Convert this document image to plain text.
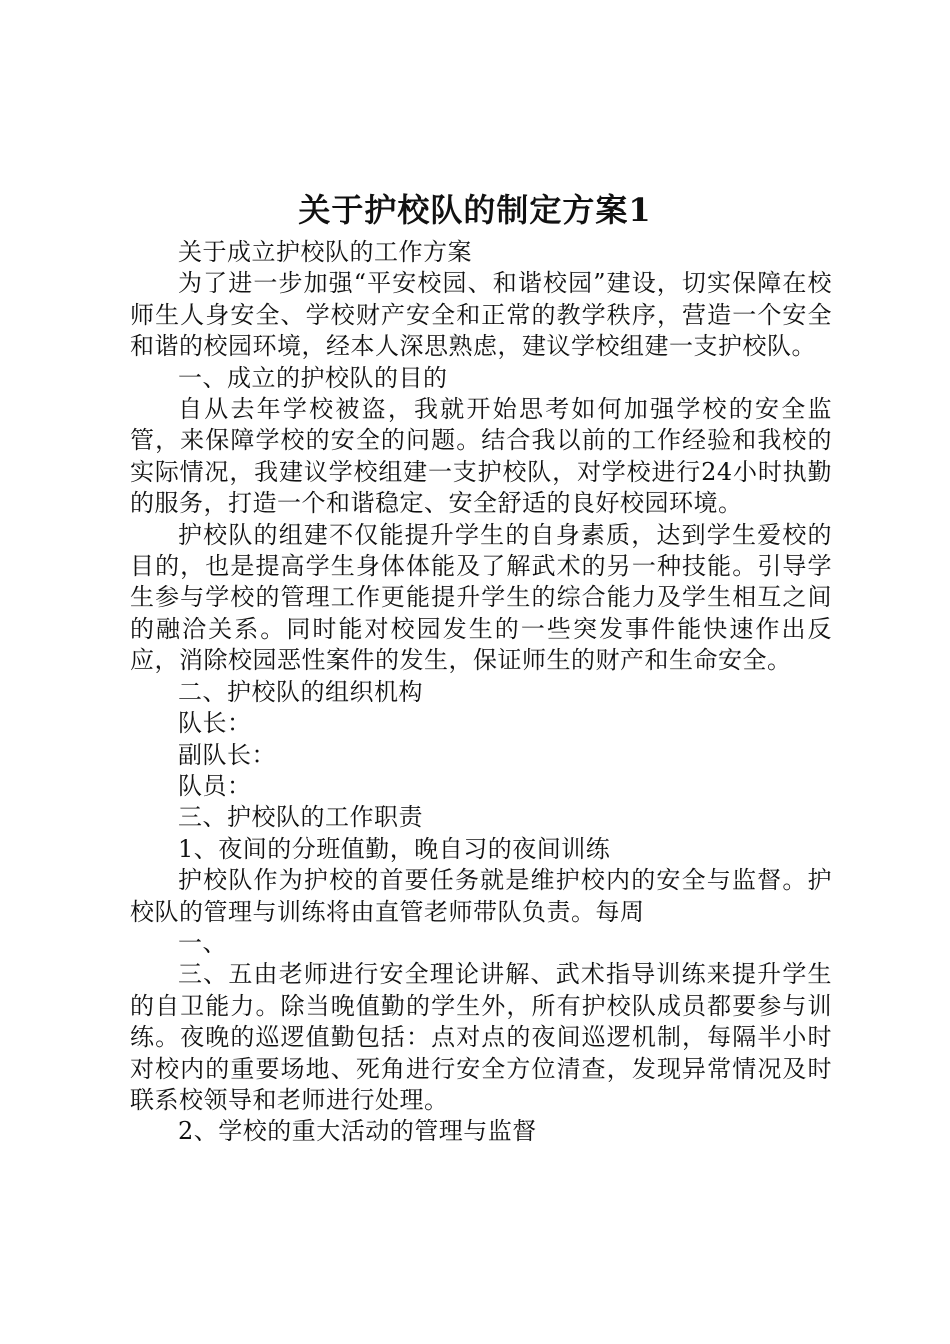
关于护校队的制定方案1

关于成立护校队的工作方案

为了进一步加强“平安校园、和谐校园”建设，切实保障在校师生人身安全、学校财产安全和正常的教学秩序，营造一个安全和谐的校园环境，经本人深思熟虑，建议学校组建一支护校队。

一、成立的护校队的目的

自从去年学校被盗，我就开始思考如何加强学校的安全监管，来保障学校的安全的问题。结合我以前的工作经验和我校的实际情况，我建议学校组建一支护校队，对学校进行24小时执勤的服务，打造一个和谐稳定、安全舒适的良好校园环境。

护校队的组建不仅能提升学生的自身素质，达到学生爱校的目的，也是提高学生身体体能及了解武术的另一种技能。引导学生参与学校的管理工作更能提升学生的综合能力及学生相互之间的融洽关系。同时能对校园发生的一些突发事件能快速作出反应，消除校园恶性案件的发生，保证师生的财产和生命安全。

二、护校队的组织机构

队长：

副队长：

队员：

三、护校队的工作职责

1、夜间的分班值勤，晚自习的夜间训练

护校队作为护校的首要任务就是维护校内的安全与监督。护校队的管理与训练将由直管老师带队负责。每周

一、

三、五由老师进行安全理论讲解、武术指导训练来提升学生的自卫能力。除当晚值勤的学生外，所有护校队成员都要参与训练。夜晚的巡逻值勤包括：点对点的夜间巡逻机制，每隔半小时对校内的重要场地、死角进行安全方位清查，发现异常情况及时联系校领导和老师进行处理。

2、学校的重大活动的管理与监督
